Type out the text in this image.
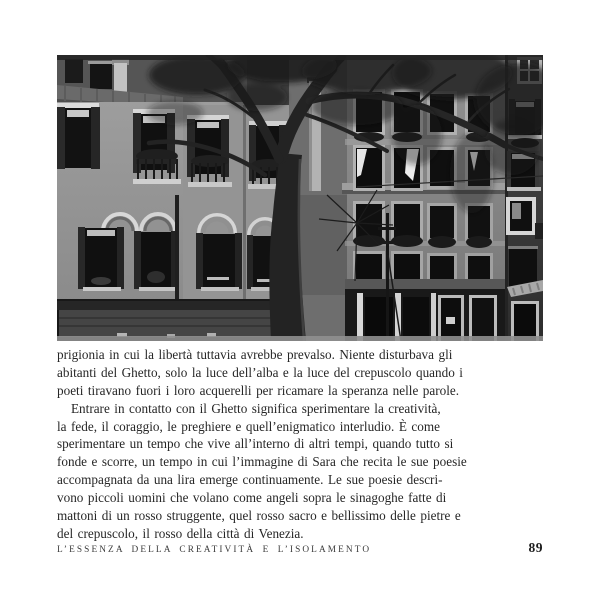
prigionia in cui la libertà tuttavia avrebbe prevalso. Niente disturbava gli
abitanti del Ghetto, solo la luce dell’alba e la luce del crepuscolo quando i
poeti tiravano fuori i loro acquerelli per ricamare la speranza nelle parole.
Entrare in contatto con il Ghetto significa sperimentare la creatività,
la fede, il coraggio, le preghiere e quell’enigmatico interludio. È come
sperimentare un tempo che vive all’interno di altri tempi, quando tutto si
fonde e scorre, un tempo in cui l’immagine di Sara che recita le sue poesie
accompagnata da una lira emerge continuamente. Le sue poesie descri-
vono piccoli uomini che volano come angeli sopra le sinagoghe fatte di
mattoni di un rosso struggente, quel rosso sacro e bellissimo delle pietre e
del crepuscolo, il rosso della città di Venezia.
L’ESSENZA DELLA CREATIVITÀ E L’ISOLAMENTO	89
